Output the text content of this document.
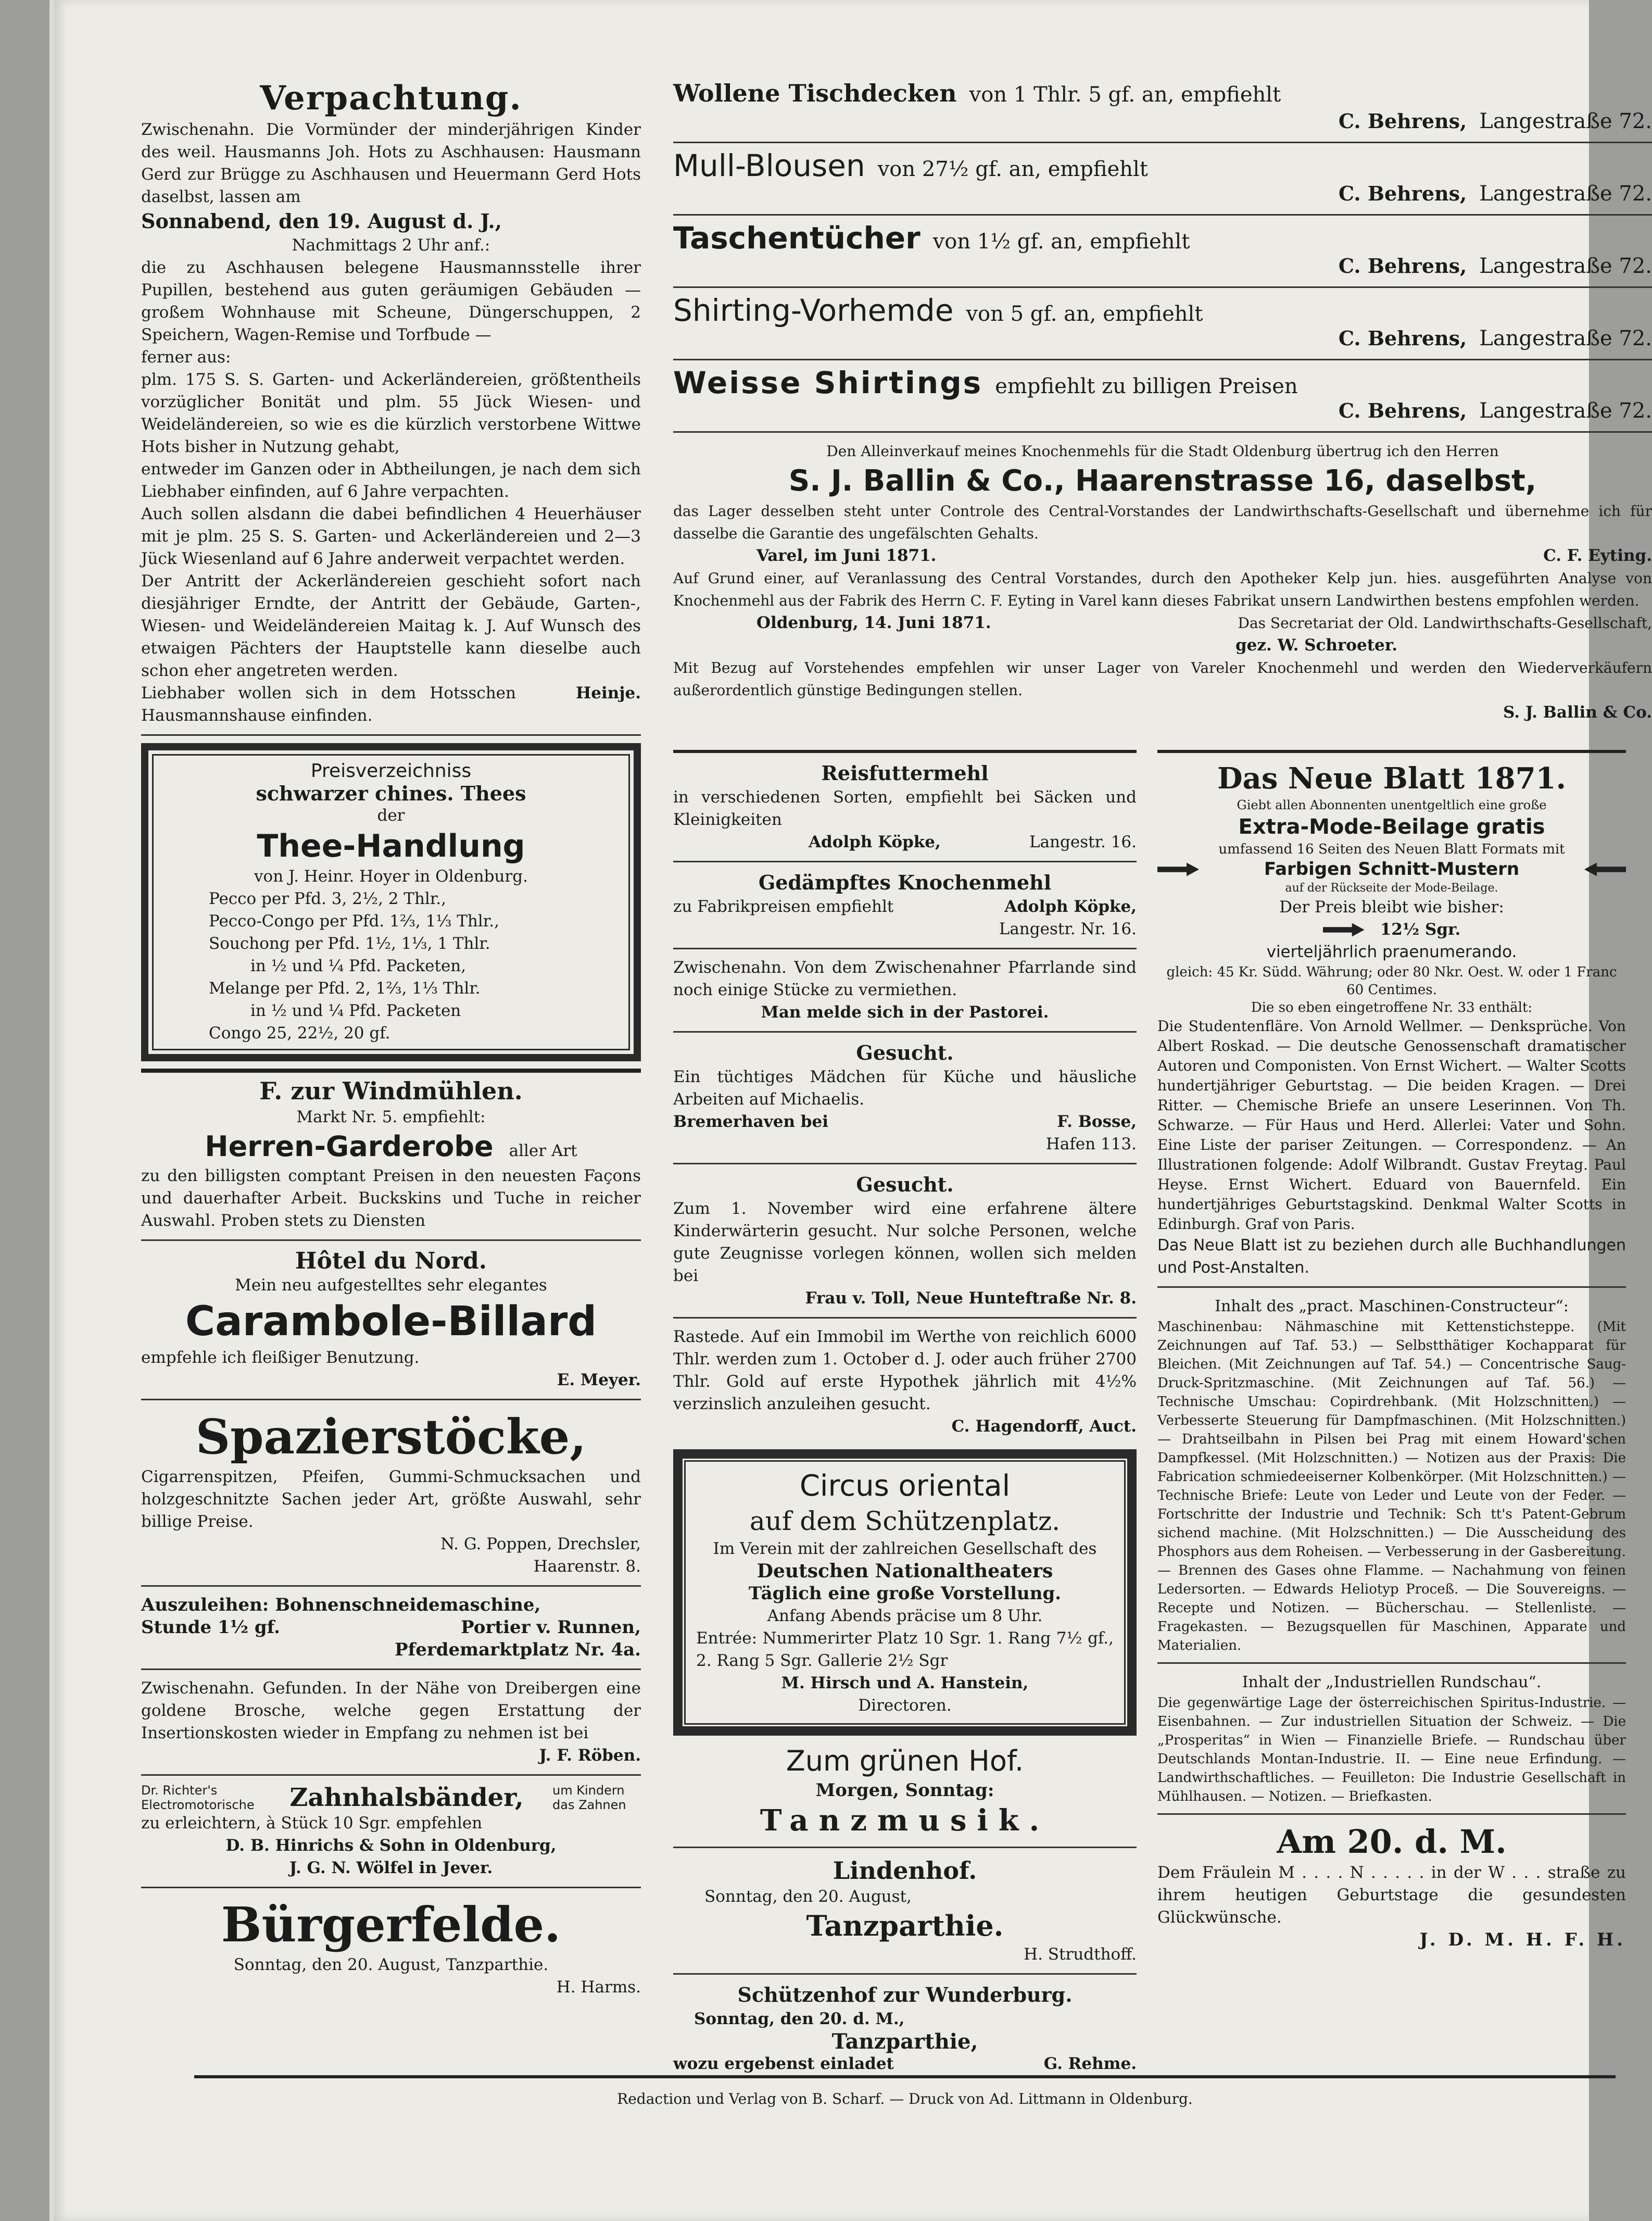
Verpachtung.

Zwischenahn. Die Vormünder der minderjährigen Kinder des weil. Hausmanns Joh. Hots zu Aschhausen: Hausmann Gerd zur Brügge zu Aschhausen und Heuermann Gerd Hots daselbst, lassen am

Sonnabend, den 19. August d. J.,

Nachmittags 2 Uhr anf.:

die zu Aschhausen belegene Hausmannsstelle ihrer Pupillen, bestehend aus guten geräumigen Gebäuden — großem Wohnhause mit Scheune, Düngerschuppen, 2 Speichern, Wagen-Remise und Torfbude —

ferner aus:

plm. 175 S. S. Garten- und Ackerländereien, größtentheils vorzüglicher Bonität und plm. 55 Jück Wiesen- und Weideländereien, so wie es die kürzlich verstorbene Wittwe Hots bisher in Nutzung gehabt,

entweder im Ganzen oder in Abtheilungen, je nach dem sich Liebhaber einfinden, auf 6 Jahre verpachten.

Auch sollen alsdann die dabei befindlichen 4 Heuerhäuser mit je plm. 25 S. S. Garten- und Ackerländereien und 2—3 Jück Wiesenland auf 6 Jahre anderweit verpachtet werden.

Der Antritt der Ackerländereien geschieht sofort nach diesjähriger Erndte, der Antritt der Gebäude, Garten-, Wiesen- und Weideländereien Maitag k. J. Auf Wunsch des etwaigen Pächters der Hauptstelle kann dieselbe auch schon eher angetreten werden.

Liebhaber wollen sich in dem Hotsschen Hausmannshause einfinden.

Heinje.

Preisverzeichniss

schwarzer chines. Thees

der

Thee-Handlung

von J. Heinr. Hoyer in Oldenburg.

Pecco per Pfd. 3, 2½, 2 Thlr.,

Pecco-Congo per Pfd. 1⅔, 1⅓ Thlr.,

Souchong per Pfd. 1½, 1⅓, 1 Thlr.

in ½ und ¼ Pfd. Packeten,

Melange per Pfd. 2, 1⅔, 1⅓ Thlr.

in ½ und ¼ Pfd. Packeten

Congo 25, 22½, 20 gf.

F. zur Windmühlen.

Markt Nr. 5. empfiehlt:

Herren-Garderobe aller Art

zu den billigsten comptant Preisen in den neuesten Façons und dauerhafter Arbeit. Buckskins und Tuche in reicher Auswahl. Proben stets zu Diensten

Hôtel du Nord.

Mein neu aufgestelltes sehr elegantes

Carambole-Billard

empfehle ich fleißiger Benutzung.

E. Meyer.

Spazierstöcke,

Cigarrenspitzen, Pfeifen, Gummi-Schmucksachen und holzgeschnitzte Sachen jeder Art, größte Auswahl, sehr billige Preise.

N. G. Poppen, Drechsler,

Haarenstr. 8.

Auszuleihen: Bohnenschneidemaschine,

Stunde 1½ gf.	Portier v. Runnen,

Pferdemarktplatz Nr. 4a.

Zwischenahn. Gefunden. In der Nähe von Dreibergen eine goldene Brosche, welche gegen Erstattung der Insertionskosten wieder in Empfang zu nehmen ist bei

J. F. Röben.

Dr. Richter's Electromotorische Zahnhalsbänder, um Kindern das Zahnen

zu erleichtern, à Stück 10 Sgr. empfehlen

D. B. Hinrichs & Sohn in Oldenburg,

J. G. N. Wölfel in Jever.

Bürgerfelde.

Sonntag, den 20. August, Tanzparthie.

H. Harms.

Wollene Tischdecken von 1 Thlr. 5 gf. an, empfiehlt
C. Behrens, Langestraße 72.
Mull-Blousen von 27½ gf. an, empfiehlt
C. Behrens, Langestraße 72.
Taschentücher von 1½ gf. an, empfiehlt
C. Behrens, Langestraße 72.
Shirting-Vorhemde von 5 gf. an, empfiehlt
C. Behrens, Langestraße 72.
Weisse Shirtings empfiehlt zu billigen Preisen
C. Behrens, Langestraße 72.

Den Alleinverkauf meines Knochenmehls für die Stadt Oldenburg übertrug ich den Herren

S. J. Ballin & Co., Haarenstrasse 16, daselbst,

das Lager desselben steht unter Controle des Central-Vorstandes der Landwirthschafts-Gesellschaft und übernehme ich für dasselbe die Garantie des ungefälschten Gehalts.

Varel, im Juni 1871.	C. F. Eyting.

Auf Grund einer, auf Veranlassung des Central Vorstandes, durch den Apotheker Kelp jun. hies. ausgeführten Analyse von Knochenmehl aus der Fabrik des Herrn C. F. Eyting in Varel kann dieses Fabrikat unsern Landwirthen bestens empfohlen werden.

Oldenburg, 14. Juni 1871.	Das Secretariat der Old. Landwirthschafts-Gesellschaft,

gez. W. Schroeter.

Mit Bezug auf Vorstehendes empfehlen wir unser Lager von Vareler Knochenmehl und werden den Wiederverkäufern außerordentlich günstige Bedingungen stellen.

S. J. Ballin & Co.

Reisfuttermehl

in verschiedenen Sorten, empfiehlt bei Säcken und Kleinigkeiten

Adolph Köpke,	Langestr. 16.

Gedämpftes Knochenmehl

zu Fabrikpreisen empfiehlt	Adolph Köpke,

Langestr. Nr. 16.

Zwischenahn. Von dem Zwischenahner Pfarrlande sind noch einige Stücke zu vermiethen.

Man melde sich in der Pastorei.

Gesucht.

Ein tüchtiges Mädchen für Küche und häusliche Arbeiten auf Michaelis.

Bremerhaven bei	F. Bosse,

Hafen 113.

Gesucht.

Zum 1. November wird eine erfahrene ältere Kinderwärterin gesucht. Nur solche Personen, welche gute Zeugnisse vorlegen können, wollen sich melden bei

Frau v. Toll, Neue Hunteftraße Nr. 8.

Rastede. Auf ein Immobil im Werthe von reichlich 6000 Thlr. werden zum 1. October d. J. oder auch früher 2700 Thlr. Gold auf erste Hypothek jährlich mit 4½% verzinslich anzuleihen gesucht.

C. Hagendorff, Auct.

Circus oriental

auf dem Schützenplatz.

Im Verein mit der zahlreichen Gesellschaft des

Deutschen Nationaltheaters

Täglich eine große Vorstellung.

Anfang Abends präcise um 8 Uhr.

Entrée: Nummerirter Platz 10 Sgr. 1. Rang 7½ gf., 2. Rang 5 Sgr. Gallerie 2½ Sgr

M. Hirsch und A. Hanstein,

Directoren.

Zum grünen Hof.

Morgen, Sonntag:

Tanzmusik.

Lindenhof.

Sonntag, den 20. August,

Tanzparthie.

H. Strudthoff.

Schützenhof zur Wunderburg.

Sonntag, den 20. d. M.,

Tanzparthie,

wozu ergebenst einladet	G. Rehme.

Das Neue Blatt 1871.

Giebt allen Abonnenten unentgeltlich eine große

Extra-Mode-Beilage gratis

umfassend 16 Seiten des Neuen Blatt Formats mit

Farbigen Schnitt-Mustern

auf der Rückseite der Mode-Beilage.

Der Preis bleibt wie bisher:

12½ Sgr.

vierteljährlich praenumerando.

gleich: 45 Kr. Südd. Währung; oder 80 Nkr. Oest. W. oder 1 Franc 60 Centimes.

Die so eben eingetroffene Nr. 33 enthält:

Die Studentenfläre. Von Arnold Wellmer. — Denksprüche. Von Albert Roskad. — Die deutsche Genossenschaft dramatischer Autoren und Componisten. Von Ernst Wichert. — Walter Scotts hundertjähriger Geburtstag. — Die beiden Kragen. — Drei Ritter. — Chemische Briefe an unsere Leserinnen. Von Th. Schwarze. — Für Haus und Herd. Allerlei: Vater und Sohn. Eine Liste der pariser Zeitungen. — Correspondenz. — An Illustrationen folgende: Adolf Wilbrandt. Gustav Freytag. Paul Heyse. Ernst Wichert. Eduard von Bauernfeld. Ein hundertjähriges Geburtstagskind. Denkmal Walter Scotts in Edinburgh. Graf von Paris.

Das Neue Blatt ist zu beziehen durch alle Buchhandlungen und Post-Anstalten.

Inhalt des „pract. Maschinen-Constructeur“:

Maschinenbau: Nähmaschine mit Kettenstichsteppe. (Mit Zeichnungen auf Taf. 53.) — Selbstthätiger Kochapparat für Bleichen. (Mit Zeichnungen auf Taf. 54.) — Concentrische Saug-Druck-Spritzmaschine. (Mit Zeichnungen auf Taf. 56.) — Technische Umschau: Copirdrehbank. (Mit Holzschnitten.) — Verbesserte Steuerung für Dampfmaschinen. (Mit Holzschnitten.) — Drahtseilbahn in Pilsen bei Prag mit einem Howard'schen Dampfkessel. (Mit Holzschnitten.) — Notizen aus der Praxis: Die Fabrication schmiedeeiserner Kolbenkörper. (Mit Holzschnitten.) — Technische Briefe: Leute von Leder und Leute von der Feder. — Fortschritte der Industrie und Technik: Sch tt's Patent-Gebrum sichend machine. (Mit Holzschnitten.) — Die Ausscheidung des Phosphors aus dem Roheisen. — Verbesserung in der Gasbereitung. — Brennen des Gases ohne Flamme. — Nachahmung von feinen Ledersorten. — Edwards Heliotyp Proceß. — Die Souvereigns. — Recepte und Notizen. — Bücherschau. — Stellenliste. — Fragekasten. — Bezugsquellen für Maschinen, Apparate und Materialien.

Inhalt der „Industriellen Rundschau“.

Die gegenwärtige Lage der österreichischen Spiritus-Industrie. — Eisenbahnen. — Zur industriellen Situation der Schweiz. — Die „Prosperitas“ in Wien — Finanzielle Briefe. — Rundschau über Deutschlands Montan-Industrie. II. — Eine neue Erfindung. — Landwirthschaftliches. — Feuilleton: Die Industrie Gesellschaft in Mühlhausen. — Notizen. — Briefkasten.

Am 20. d. M.

Dem Fräulein M . . . . N . . . . . in der W . . . straße zu ihrem heutigen Geburtstage die gesundesten Glückwünsche.

J. D. M. H. F. H.

Redaction und Verlag von B. Scharf. — Druck von Ad. Littmann in Oldenburg.
